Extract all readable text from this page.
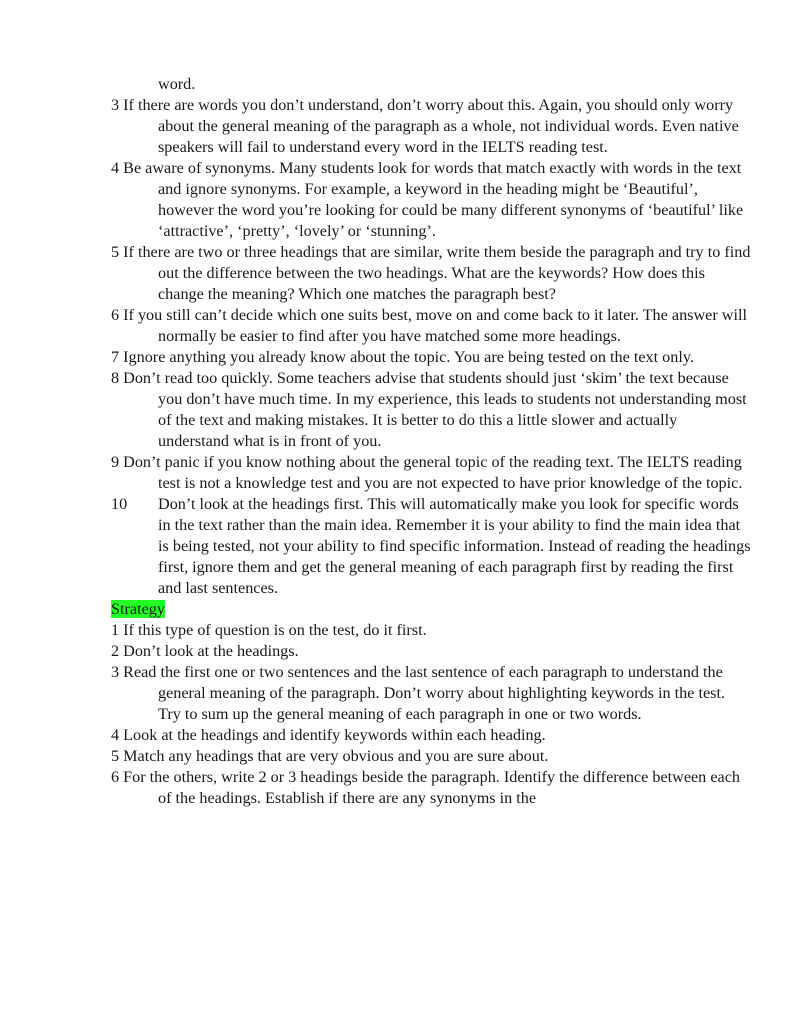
word.

3 If there are words you don’t understand, don’t worry about this. Again, you should only worry about the general meaning of the paragraph as a whole, not individual words. Even native speakers will fail to understand every word in the IELTS reading test.

4 Be aware of synonyms. Many students look for words that match exactly with words in the text and ignore synonyms. For example, a keyword in the heading might be ‘Beautiful’, however the word you’re looking for could be many different synonyms of ‘beautiful’ like ‘attractive’, ‘pretty’, ‘lovely’ or ‘stunning’.

5 If there are two or three headings that are similar, write them beside the paragraph and try to find out the difference between the two headings. What are the keywords? How does this change the meaning? Which one matches the paragraph best?

6 If you still can’t decide which one suits best, move on and come back to it later. The answer will normally be easier to find after you have matched some more headings.

7 Ignore anything you already know about the topic. You are being tested on the text only.

8 Don’t read too quickly. Some teachers advise that students should just ‘skim’ the text because you don’t have much time. In my experience, this leads to students not understanding most of the text and making mistakes. It is better to do this a little slower and actually understand what is in front of you.

9 Don’t panic if you know nothing about the general topic of the reading text. The IELTS reading test is not a knowledge test and you are not expected to have prior knowledge of the topic.

10 Don’t look at the headings first. This will automatically make you look for specific words in the text rather than the main idea. Remember it is your ability to find the main idea that is being tested, not your ability to find specific information. Instead of reading the headings first, ignore them and get the general meaning of each paragraph first by reading the first and last sentences.

Strategy

1 If this type of question is on the test, do it first.

2 Don’t look at the headings.

3 Read the first one or two sentences and the last sentence of each paragraph to understand the general meaning of the paragraph. Don’t worry about highlighting keywords in the test. Try to sum up the general meaning of each paragraph in one or two words.

4 Look at the headings and identify keywords within each heading.

5 Match any headings that are very obvious and you are sure about.

6 For the others, write 2 or 3 headings beside the paragraph. Identify the difference between each of the headings. Establish if there are any synonyms in the
